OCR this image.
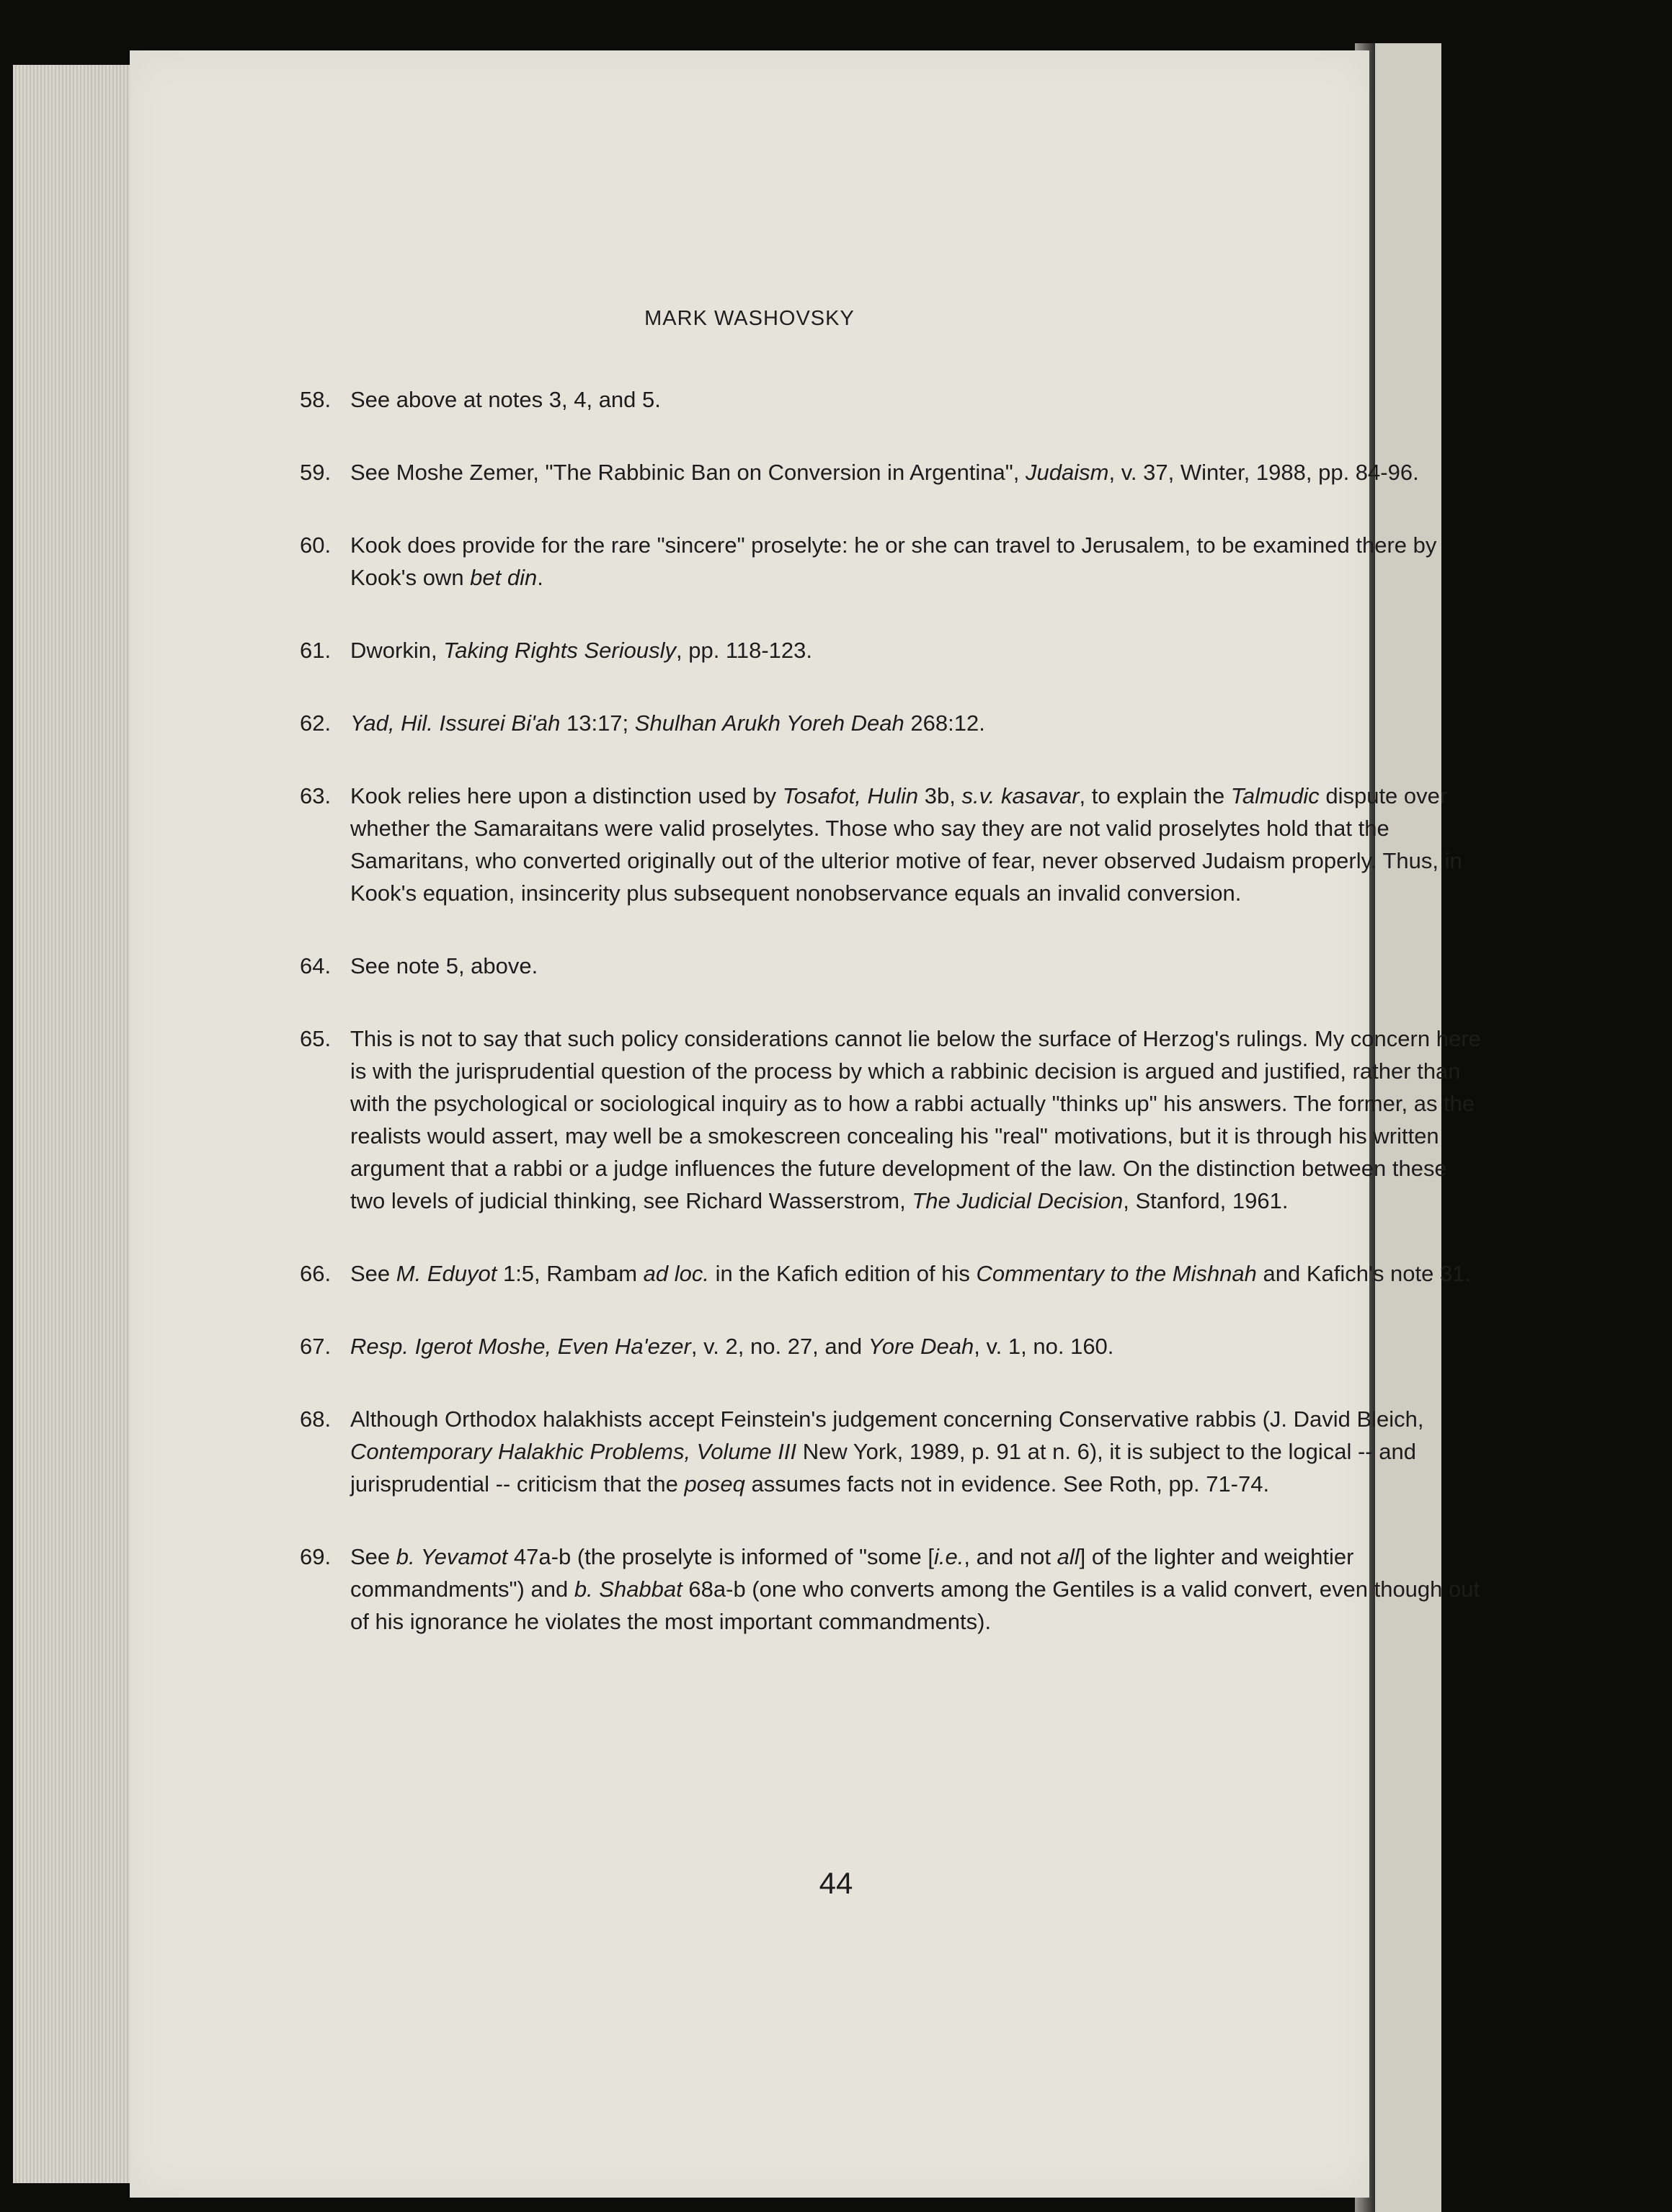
MARK WASHOVSKY
58. See above at notes 3, 4, and 5.
59. See Moshe Zemer, "The Rabbinic Ban on Conversion in Argentina", Judaism, v. 37, Winter, 1988, pp. 84-96.
60. Kook does provide for the rare "sincere" proselyte: he or she can travel to Jerusalem, to be examined there by Kook's own bet din.
61. Dworkin, Taking Rights Seriously, pp. 118-123.
62. Yad, Hil. Issurei Bi'ah 13:17; Shulhan Arukh Yoreh Deah 268:12.
63. Kook relies here upon a distinction used by Tosafot, Hulin 3b, s.v. kasavar, to explain the Talmudic dispute over whether the Samaraitans were valid proselytes. Those who say they are not valid proselytes hold that the Samaritans, who converted originally out of the ulterior motive of fear, never observed Judaism properly. Thus, in Kook's equation, insincerity plus subsequent nonobservance equals an invalid conversion.
64. See note 5, above.
65. This is not to say that such policy considerations cannot lie below the surface of Herzog's rulings. My concern here is with the jurisprudential question of the process by which a rabbinic decision is argued and justified, rather than with the psychological or sociological inquiry as to how a rabbi actually "thinks up" his answers. The former, as the realists would assert, may well be a smokescreen concealing his "real" motivations, but it is through his written argument that a rabbi or a judge influences the future development of the law. On the distinction between these two levels of judicial thinking, see Richard Wasserstrom, The Judicial Decision, Stanford, 1961.
66. See M. Eduyot 1:5, Rambam ad loc. in the Kafich edition of his Commentary to the Mishnah and Kafich's note 31.
67. Resp. Igerot Moshe, Even Ha'ezer, v. 2, no. 27, and Yore Deah, v. 1, no. 160.
68. Although Orthodox halakhists accept Feinstein's judgement concerning Conservative rabbis (J. David Bleich, Contemporary Halakhic Problems, Volume III New York, 1989, p. 91 at n. 6), it is subject to the logical -- and jurisprudential -- criticism that the poseq assumes facts not in evidence. See Roth, pp. 71-74.
69. See b. Yevamot 47a-b (the proselyte is informed of "some [i.e., and not all] of the lighter and weightier commandments") and b. Shabbat 68a-b (one who converts among the Gentiles is a valid convert, even though out of his ignorance he violates the most important commandments).
44
